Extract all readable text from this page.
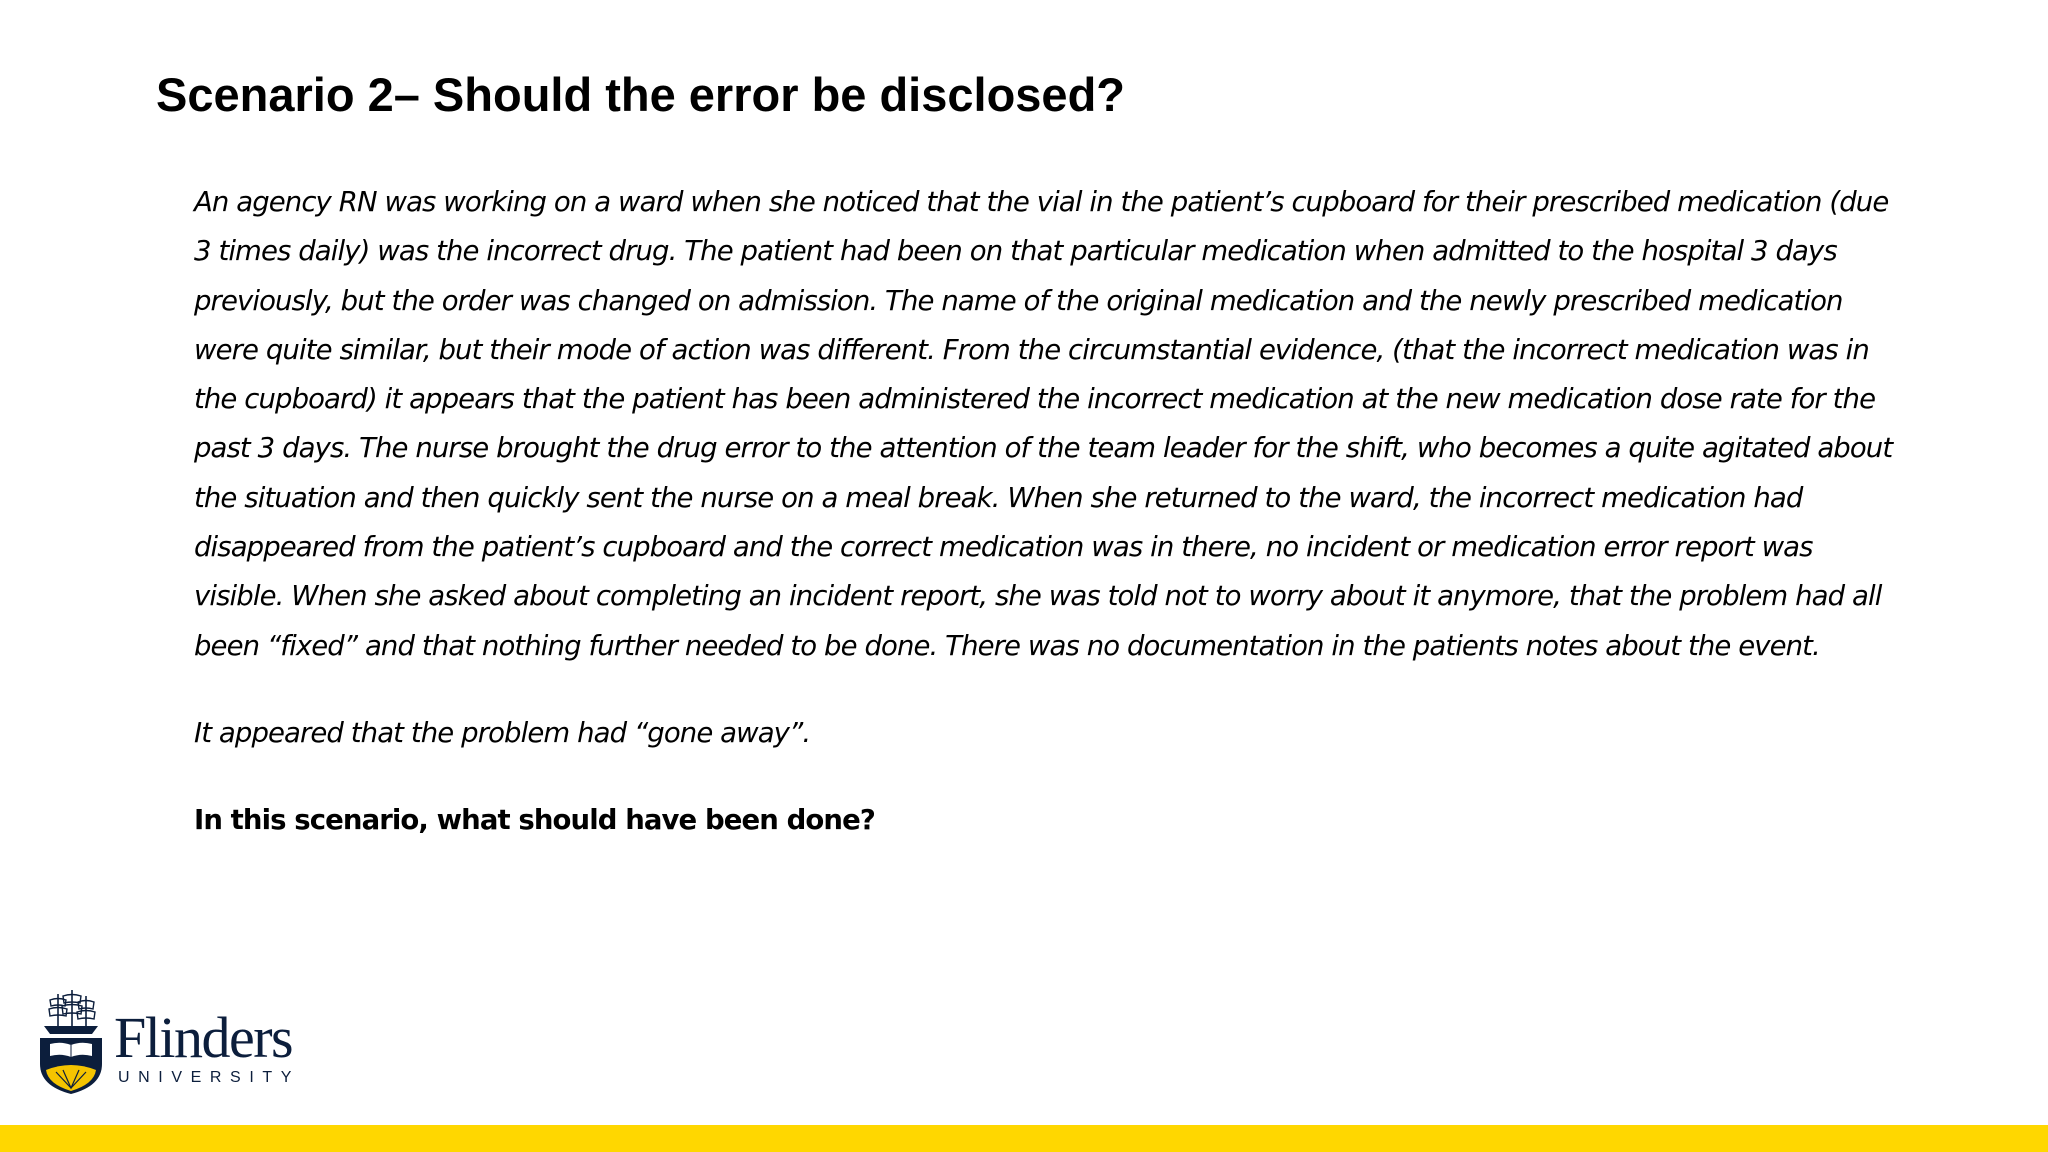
Scenario 2– Should the error be disclosed?

An agency RN was working on a ward when she noticed that the vial in the patient’s cupboard for their prescribed medication (due 3 times daily) was the incorrect drug. The patient had been on that particular medication when admitted to the hospital 3 days previously, but the order was changed on admission. The name of the original medication and the newly prescribed medication were quite similar, but their mode of action was different. From the circumstantial evidence, (that the incorrect medication was in the cupboard) it appears that the patient has been administered the incorrect medication at the new medication dose rate for the past 3 days. The nurse brought the drug error to the attention of the team leader for the shift, who becomes a quite agitated about the situation and then quickly sent the nurse on a meal break. When she returned to the ward, the incorrect medication had disappeared from the patient’s cupboard and the correct medication was in there, no incident or medication error report was visible. When she asked about completing an incident report, she was told not to worry about it anymore, that the problem had all been “fixed” and that nothing further needed to be done. There was no documentation in the patients notes about the event.

It appeared that the problem had “gone away”.

In this scenario, what should have been done?

Flinders
UNIVERSITY
